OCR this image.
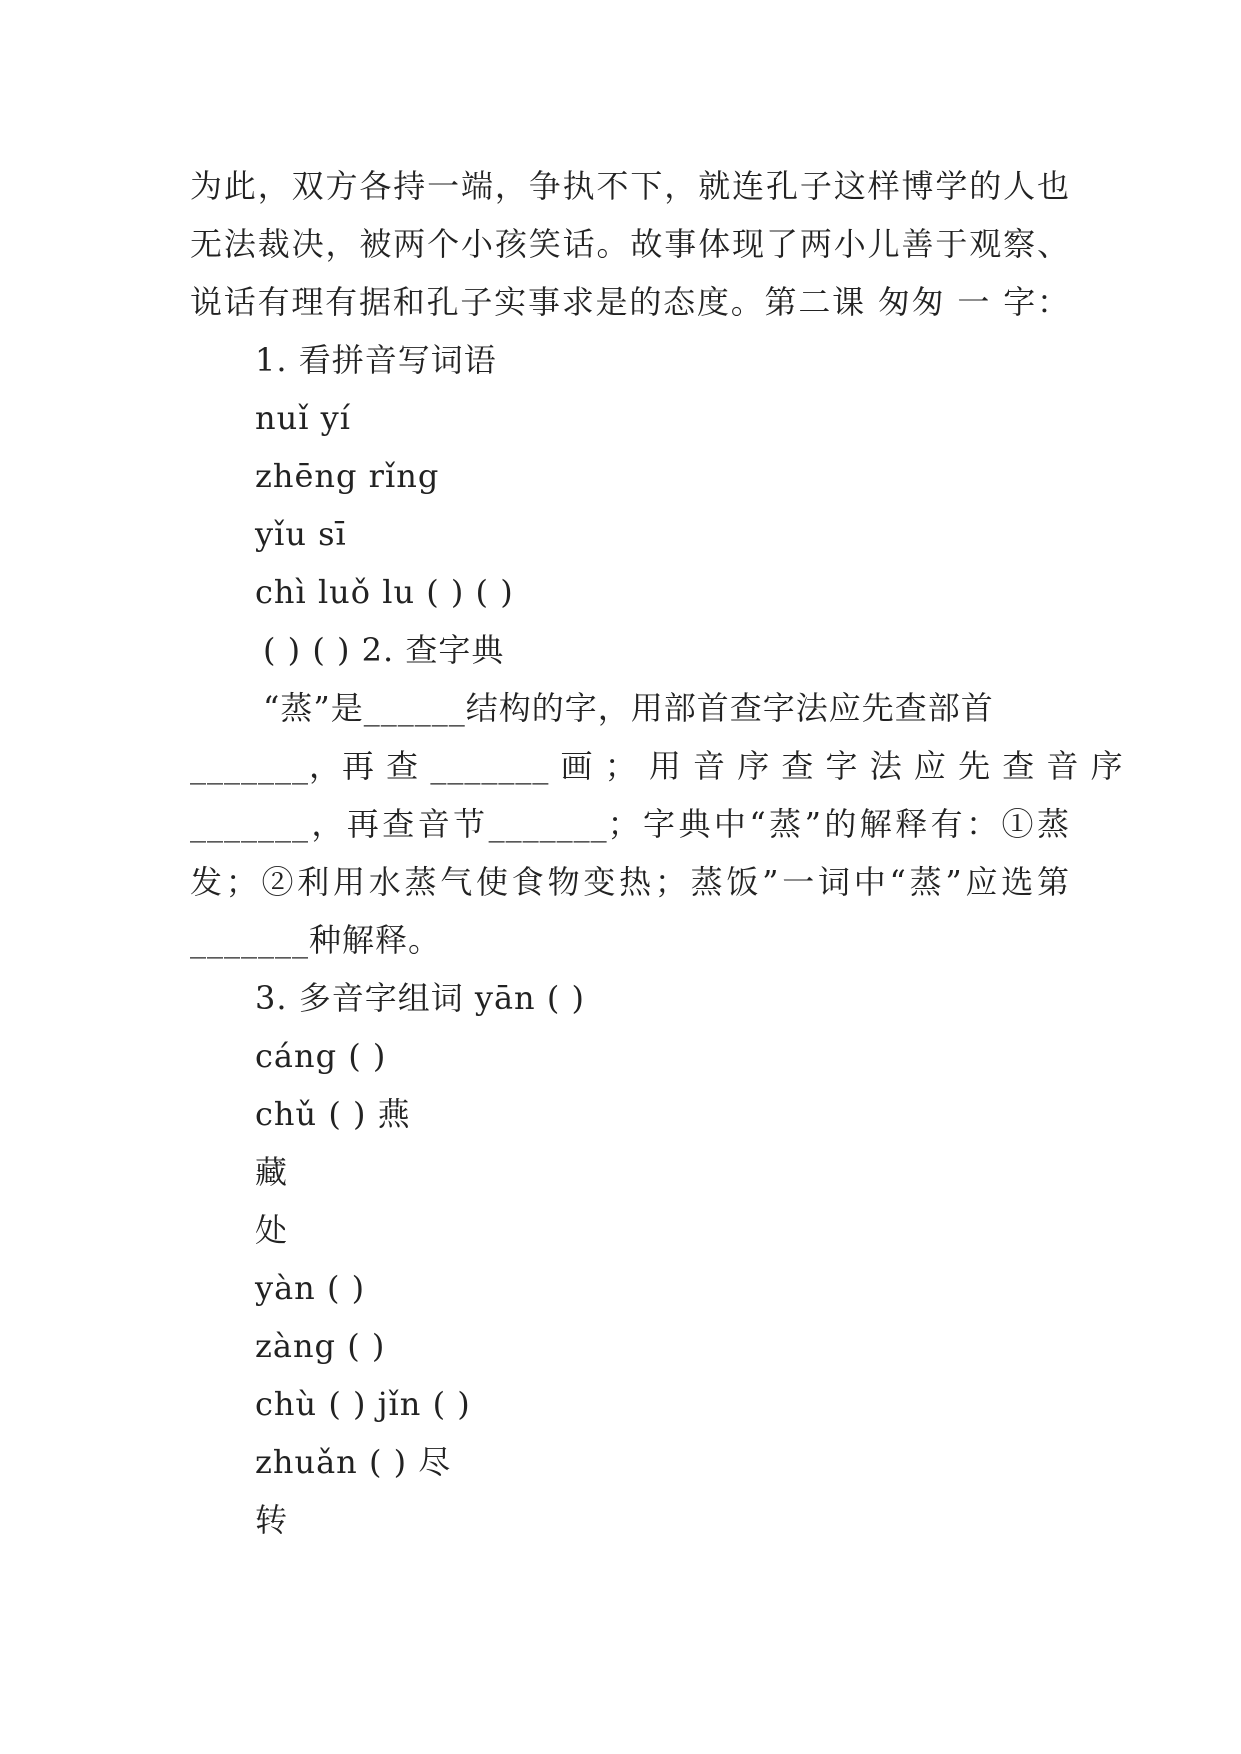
为此，双方各持一端，争执不下，就连孔子这样博学的人也
无法裁决，被两个小孩笑话。故事体现了两小儿善于观察、
说话有理有据和孔子实事求是的态度。第二课 匆匆 一 字：
1. 看拼音写词语
nuǐ yí
zhēng rǐng
yǐu sī
chì luǒ lu ( ) ( )
( ) ( ) 2. 查字典
“蒸”是______结构的字，用部首查字法应先查部首
_______，再 查 _______ 画 ； 用 音 序 查 字 法 应 先 查 音 序
_______，再查音节_______；字典中“蒸”的解释有：①蒸
发；②利用水蒸气使食物变热；蒸饭”一词中“蒸”应选第
_______种解释。
3. 多音字组词 yān ( )
cáng ( )
chǔ ( ) 燕
藏
处
yàn ( )
zàng ( )
chù ( ) jǐn ( )
zhuǎn ( ) 尽
转
